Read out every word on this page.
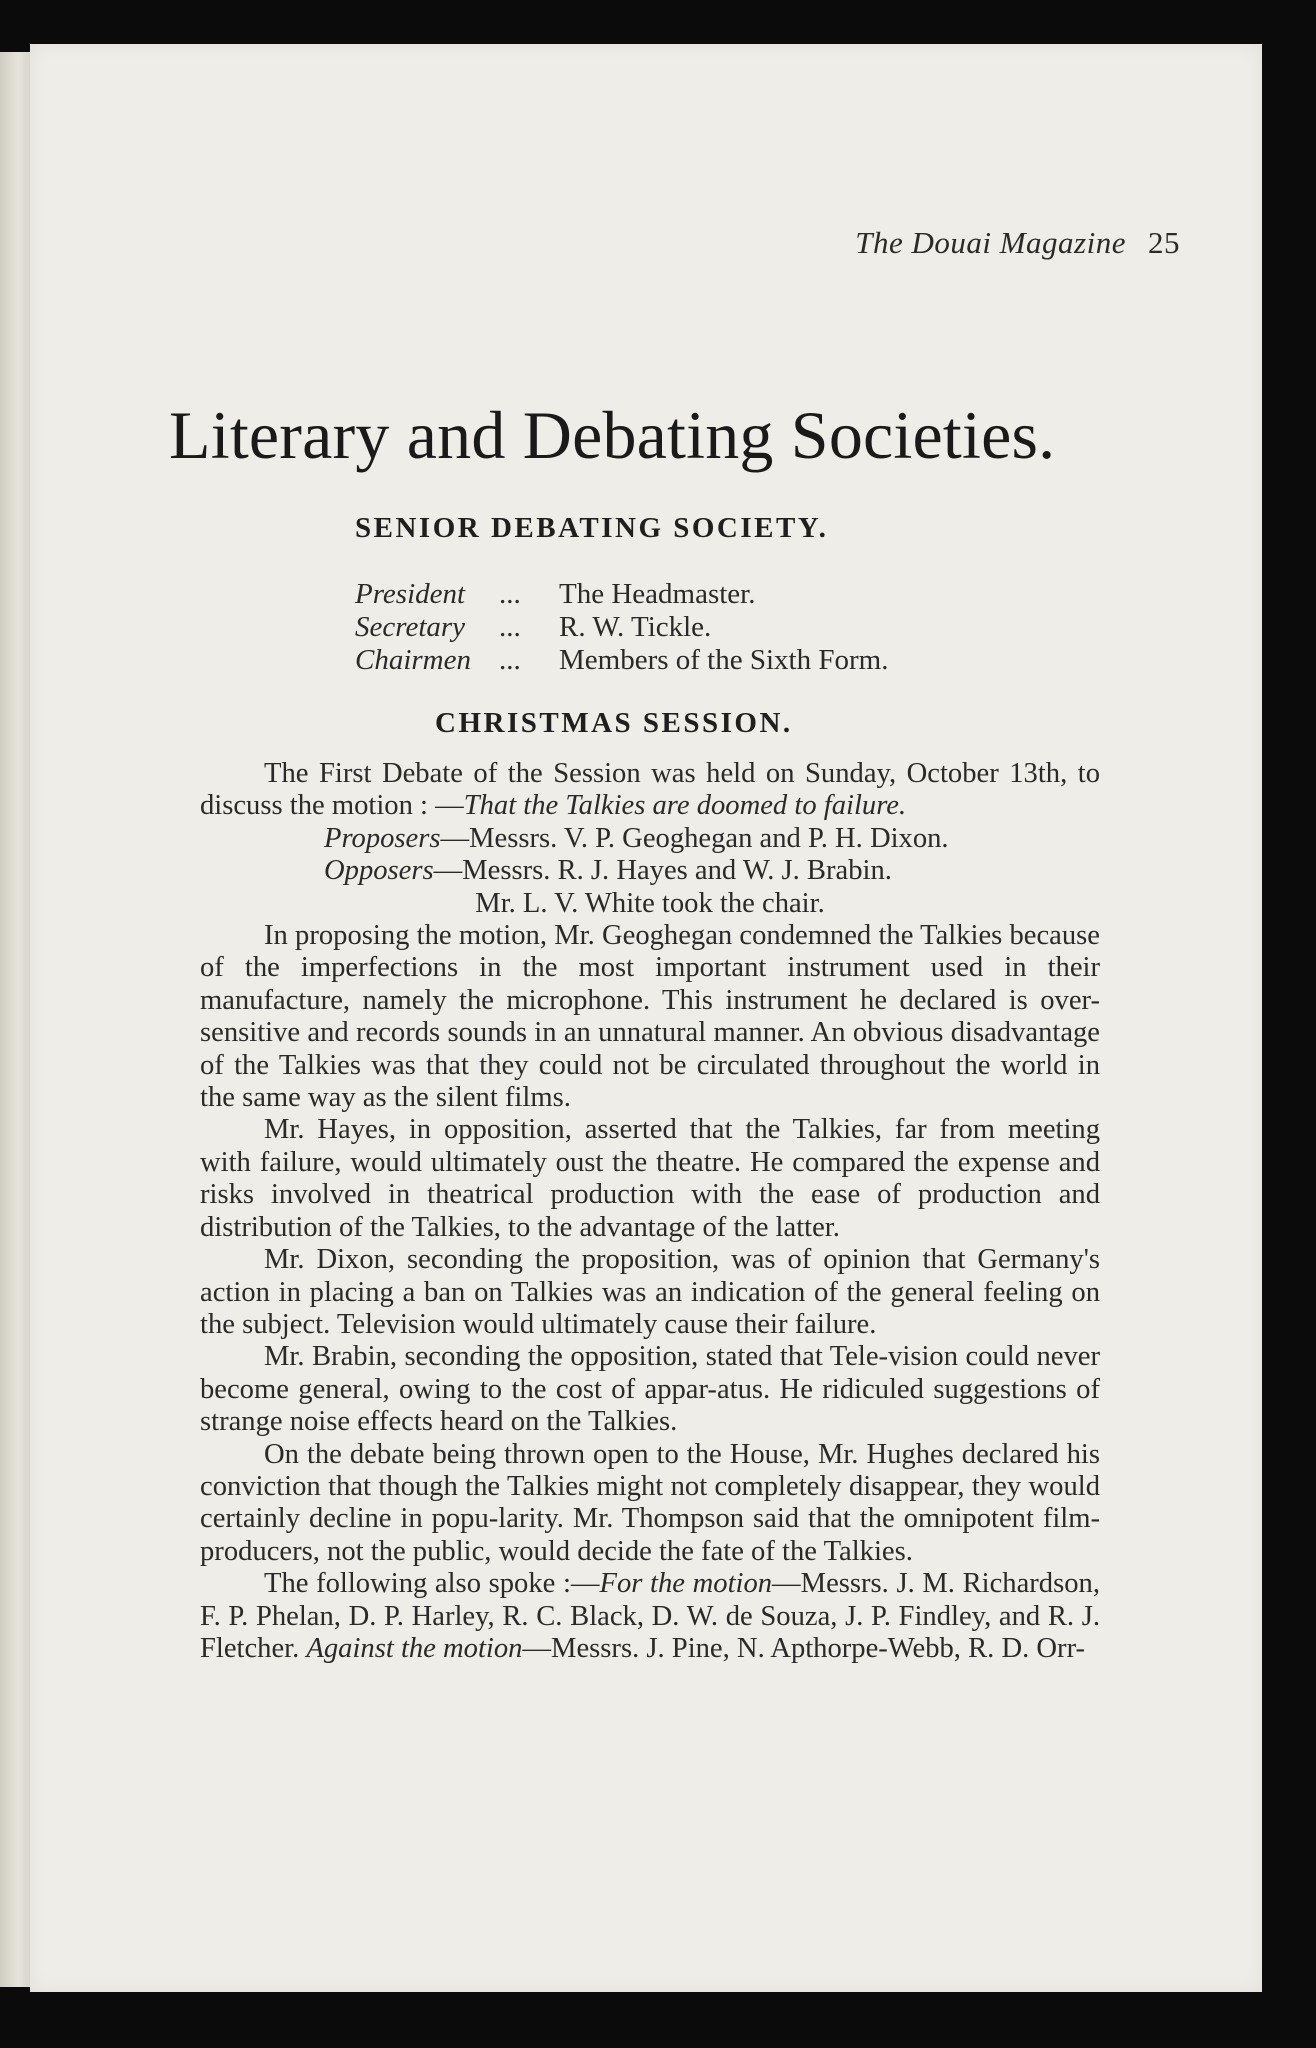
The Douai Magazine 25
Literary and Debating Societies.
SENIOR DEBATING SOCIETY.
President	...	The Headmaster.
Secretary	...	R. W. Tickle.
Chairmen ...	Members of the Sixth Form.
CHRISTMAS SESSION.

The First Debate of the Session was held on Sunday, October 13th, to discuss the motion : —That the Talkies are doomed to failure.

Proposers—Messrs. V. P. Geoghegan and P. H. Dixon.

Opposers—Messrs. R. J. Hayes and W. J. Brabin.

Mr. L. V. White took the chair.

In proposing the motion, Mr. Geoghegan condemned the Talkies because of the imperfections in the most important instrument used in their manufacture, namely the microphone. This instrument he declared is over-sensitive and records sounds in an unnatural manner. An obvious disadvantage of the Talkies was that they could not be circulated throughout the world in the same way as the silent films.

Mr. Hayes, in opposition, asserted that the Talkies, far from meeting with failure, would ultimately oust the theatre. He compared the expense and risks involved in theatrical production with the ease of production and distribution of the Talkies, to the advantage of the latter.

Mr. Dixon, seconding the proposition, was of opinion that Germany's action in placing a ban on Talkies was an indication of the general feeling on the subject. Television would ultimately cause their failure.

Mr. Brabin, seconding the opposition, stated that Tele-vision could never become general, owing to the cost of appar-atus. He ridiculed suggestions of strange noise effects heard on the Talkies.

On the debate being thrown open to the House, Mr. Hughes declared his conviction that though the Talkies might not completely disappear, they would certainly decline in popu-larity. Mr. Thompson said that the omnipotent film-producers, not the public, would decide the fate of the Talkies.

The following also spoke :—For the motion—Messrs. J. M. Richardson, F. P. Phelan, D. P. Harley, R. C. Black, D. W. de Souza, J. P. Findley, and R. J. Fletcher. Against the motion—Messrs. J. Pine, N. Apthorpe-Webb, R. D. Orr-
